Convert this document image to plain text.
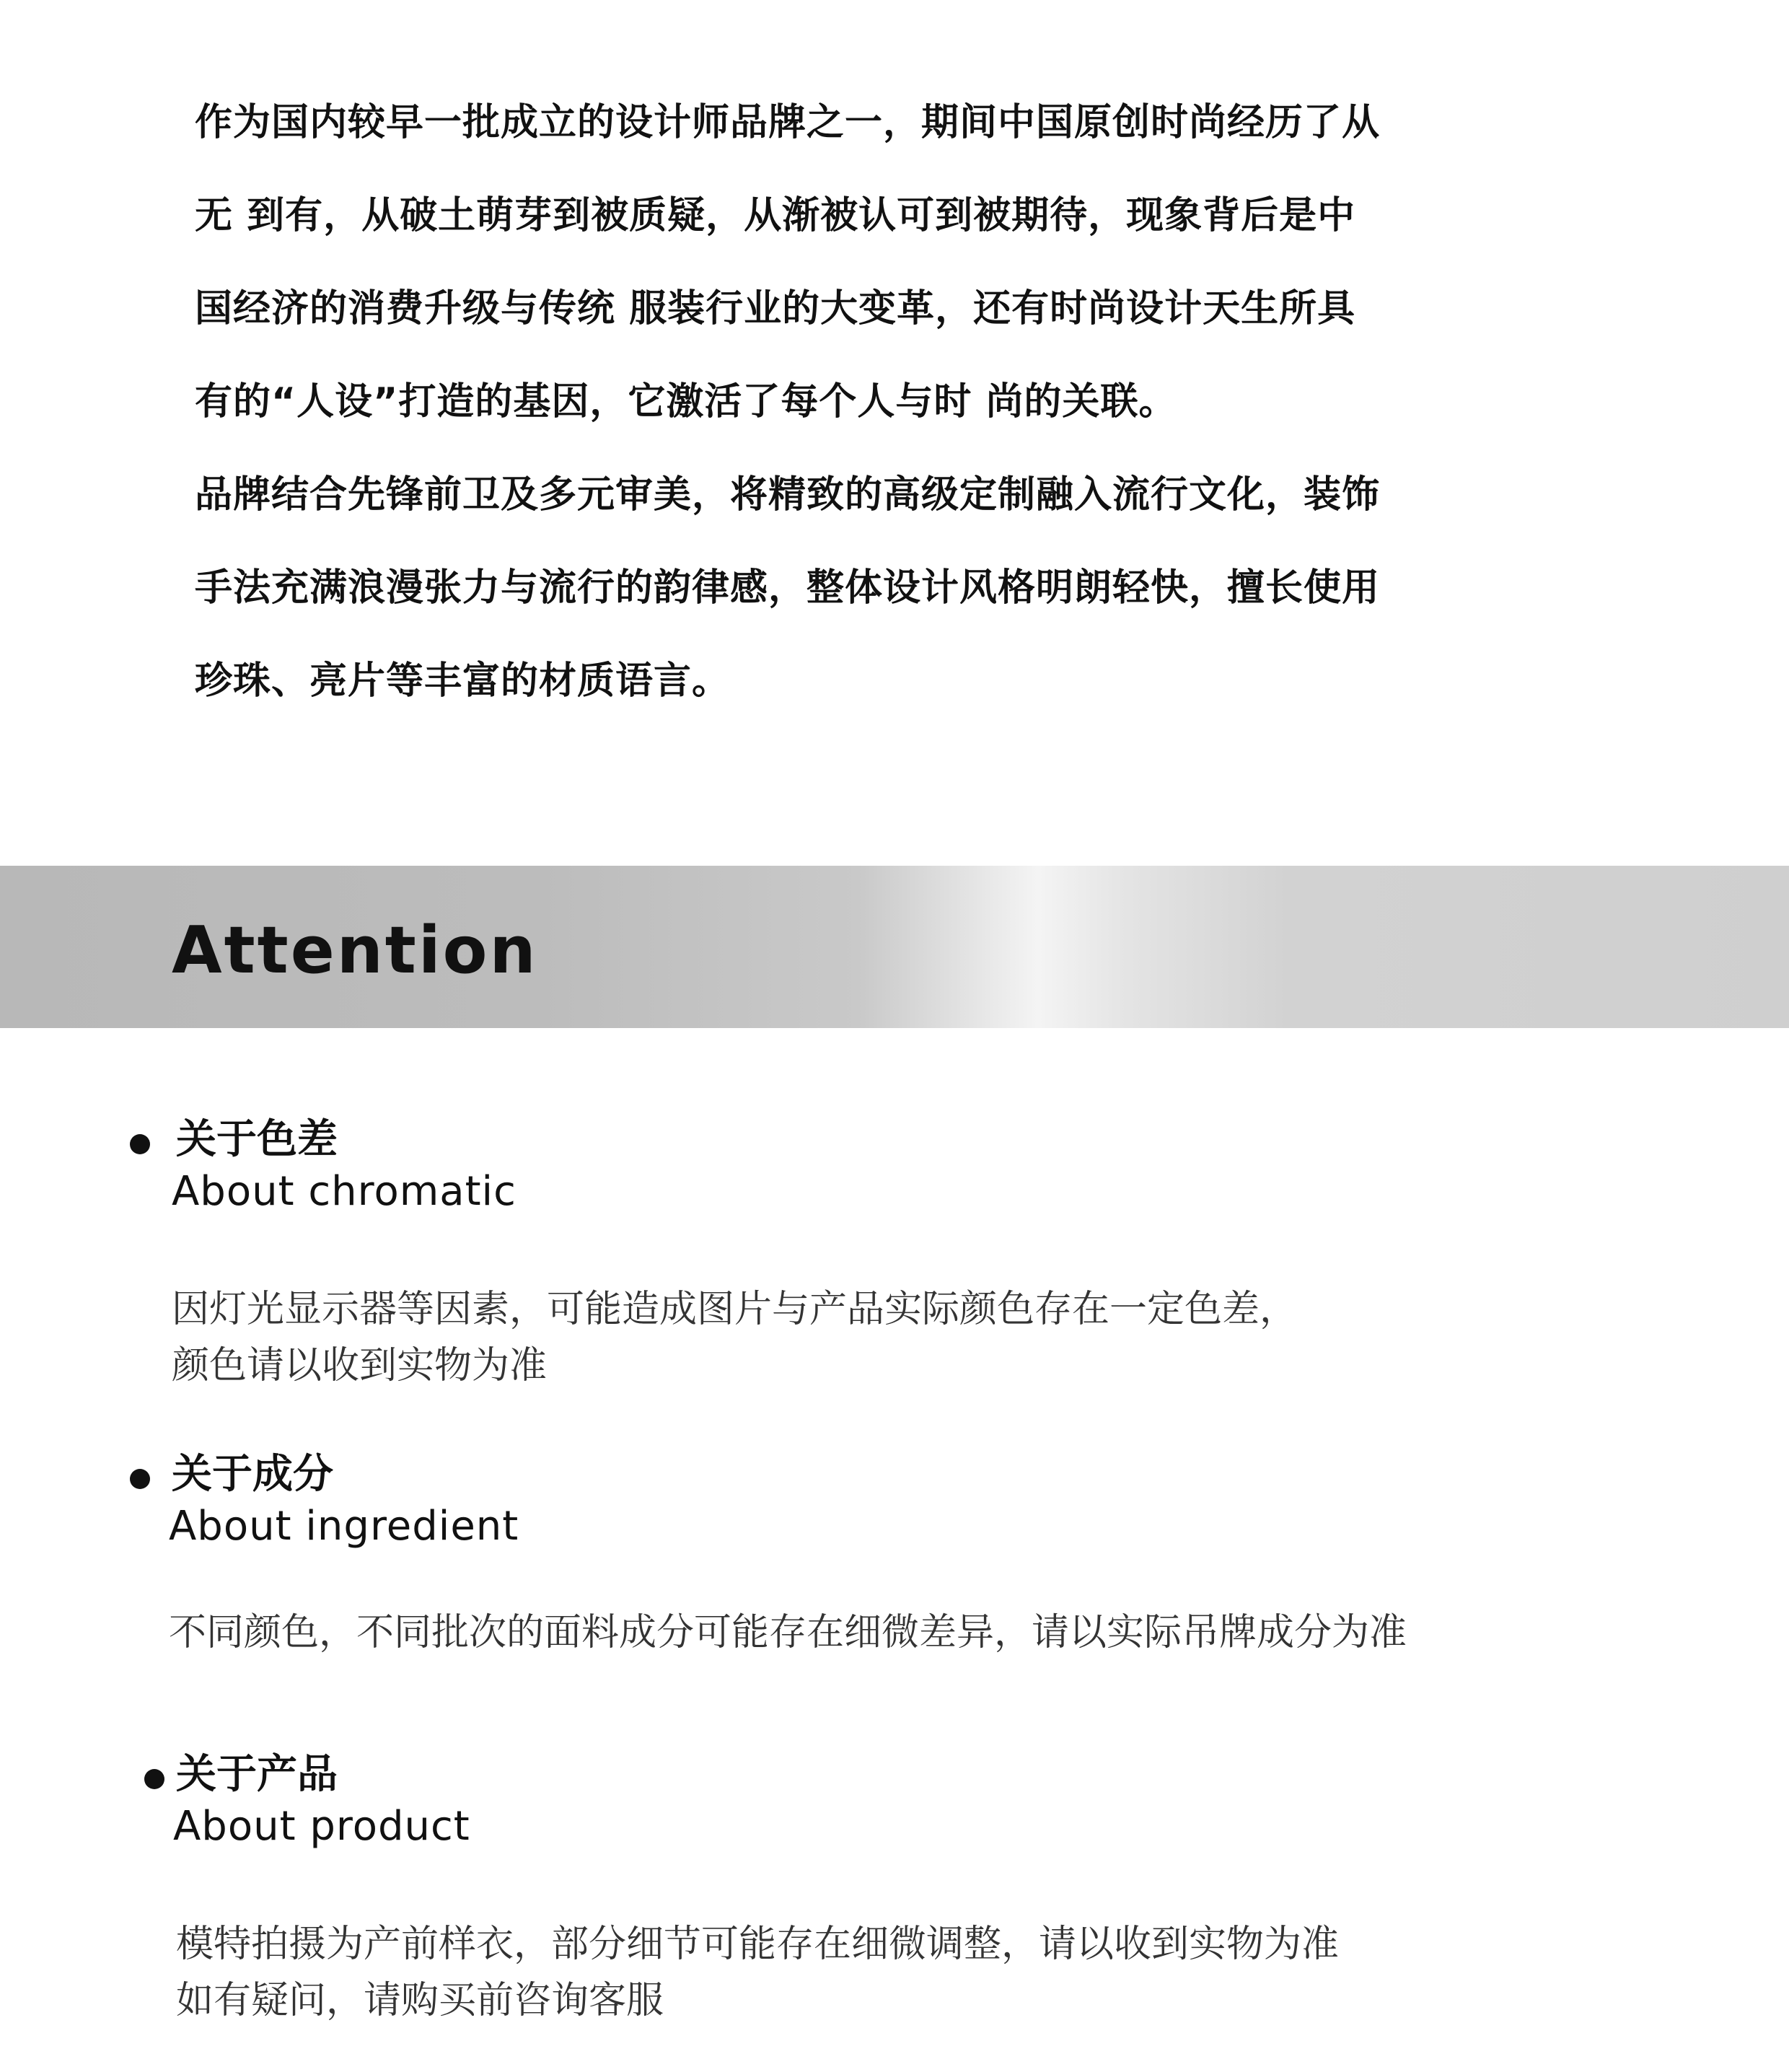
作为国内较早一批成立的设计师品牌之一，期间中国原创时尚经历了从
无 到有，从破土萌芽到被质疑，从渐被认可到被期待，现象背后是中
国经济的消费升级与传统 服装行业的大变革，还有时尚设计天生所具
有的“人设”打造的基因，它激活了每个人与时 尚的关联。
品牌结合先锋前卫及多元审美，将精致的高级定制融入流行文化，装饰
手法充满浪漫张力与流行的韵律感，整体设计风格明朗轻快，擅长使用
珍珠、亮片等丰富的材质语言。
Attention
关于色差
About chromatic
因灯光显示器等因素，可能造成图片与产品实际颜色存在一定色差，
颜色请以收到实物为准
关于成分
About ingredient
不同颜色，不同批次的面料成分可能存在细微差异，请以实际吊牌成分为准
关于产品
About product
模特拍摄为产前样衣，部分细节可能存在细微调整，请以收到实物为准
如有疑问，请购买前咨询客服
